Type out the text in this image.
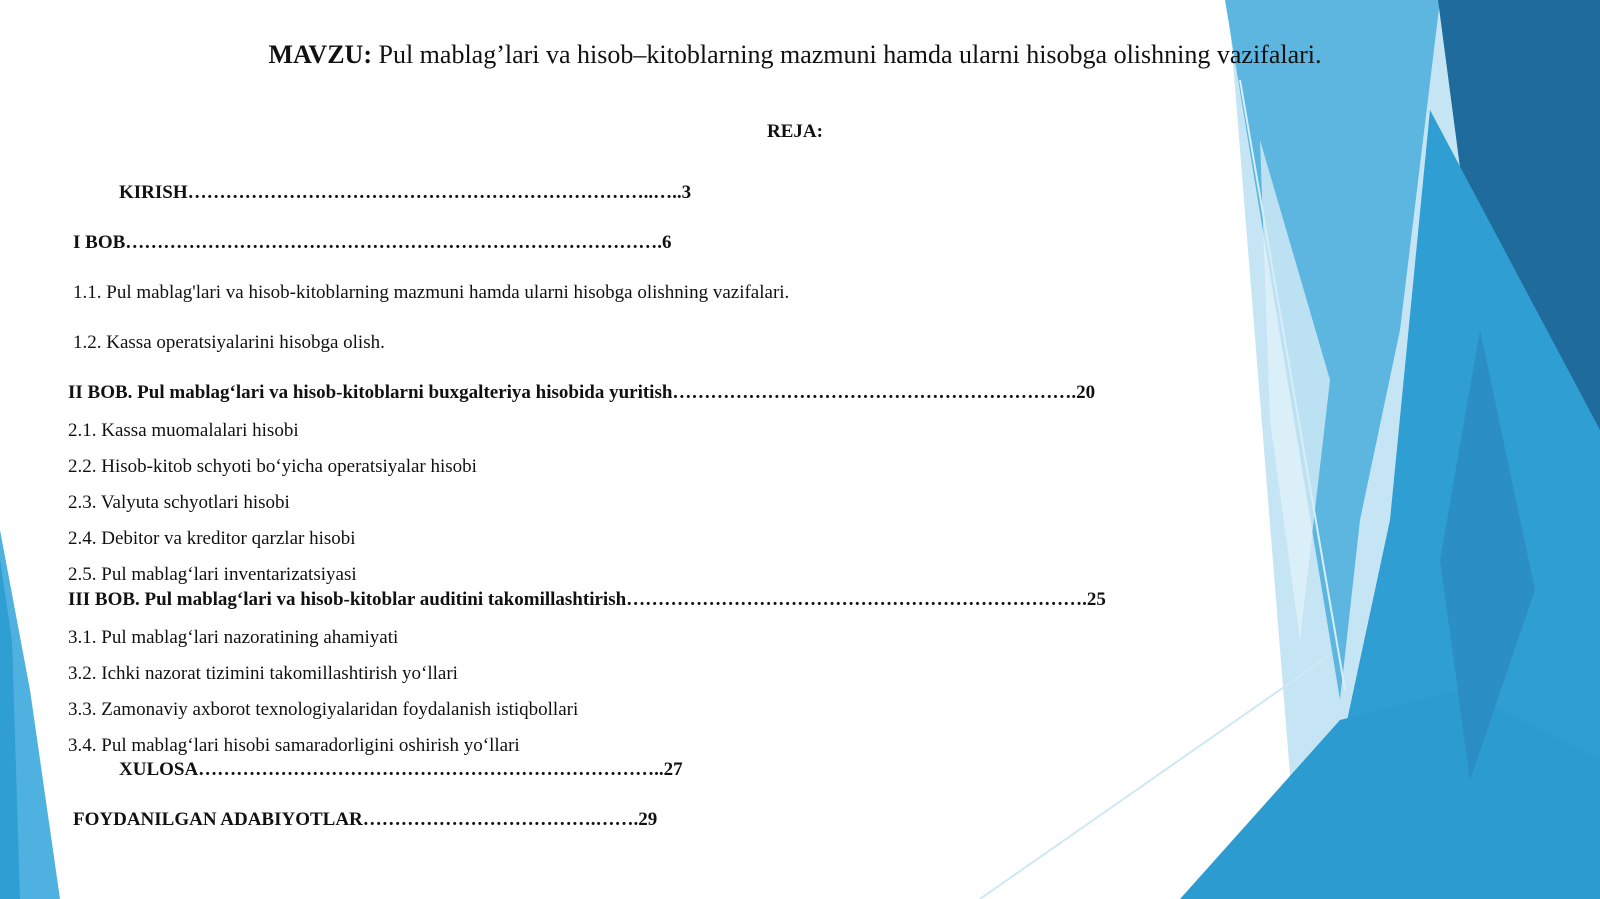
MAVZU: Pul mablag’lari va hisob–kitoblarning mazmuni hamda ularni hisobga olishning vazifalari.
REJA:
KIRISH………………………………………………………………..…..3
I BOB………………………………………………………………………….6
1.1. Pul mablag'lari va hisob-kitoblarning mazmuni hamda ularni hisobga olishning vazifalari.
1.2. Kassa operatsiyalarini hisobga olish.
II BOB. Pul mablag‘lari va hisob-kitoblarni buxgalteriya hisobida yuritish……………………………………………………….20
2.1. Kassa muomalalari hisobi
2.2. Hisob-kitob schyoti bo‘yicha operatsiyalar hisobi
2.3. Valyuta schyotlari hisobi
2.4. Debitor va kreditor qarzlar hisobi
2.5. Pul mablag‘lari inventarizatsiyasi
III BOB. Pul mablag‘lari va hisob-kitoblar auditini takomillashtirish……………………………………………………………….25
3.1. Pul mablag‘lari nazoratining ahamiyati
3.2. Ichki nazorat tizimini takomillashtirish yo‘llari
3.3. Zamonaviy axborot texnologiyalaridan foydalanish istiqbollari
3.4. Pul mablag‘lari hisobi samaradorligini oshirish yo‘llari
XULOSA………………………………………………………………..27
FOYDANILGAN ADABIYOTLAR……………………………….…….29
